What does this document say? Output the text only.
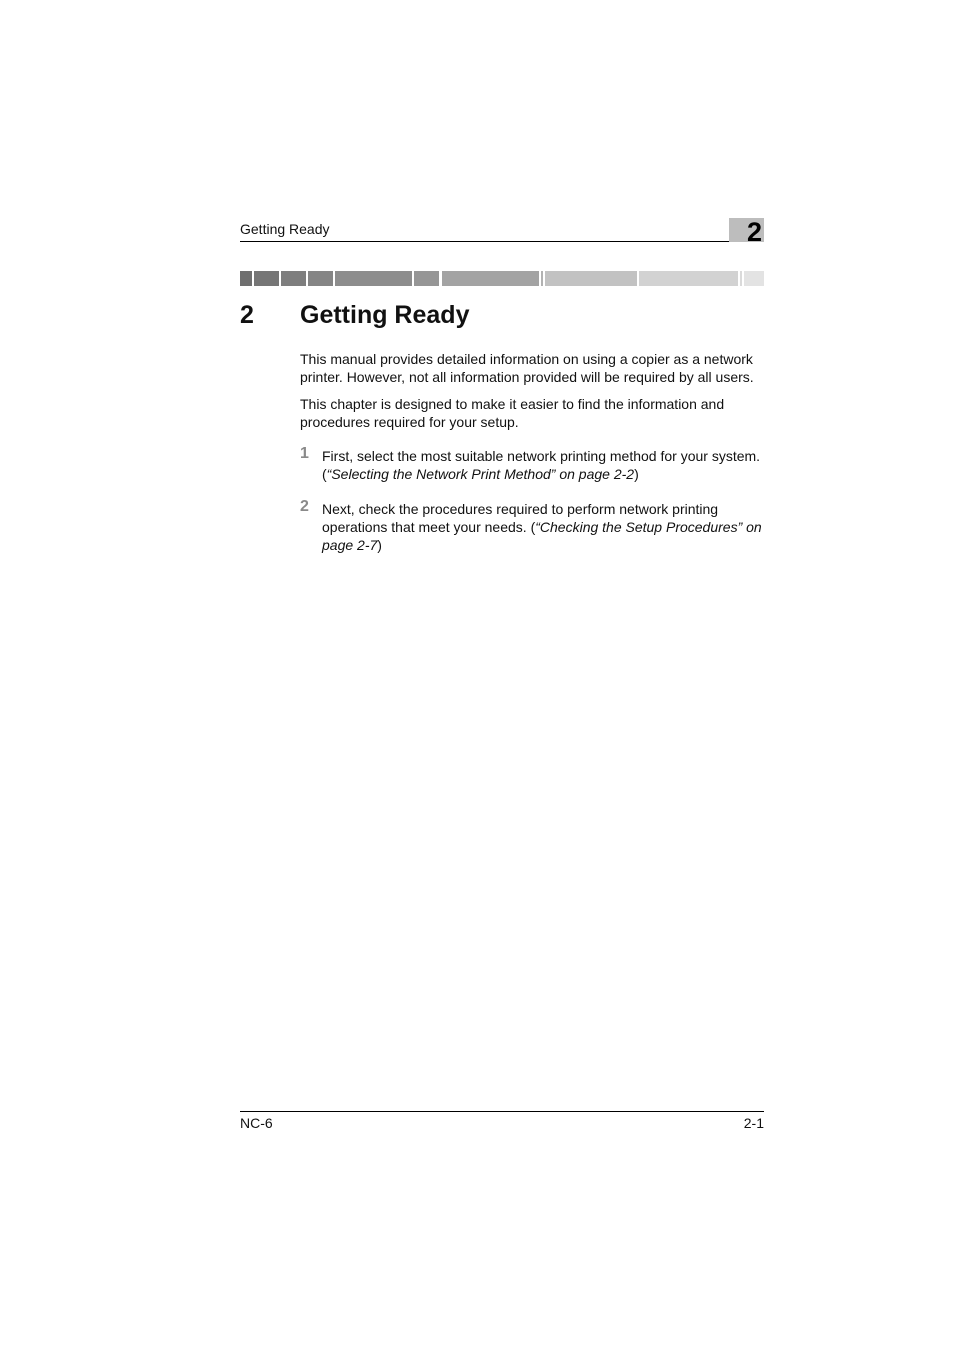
Getting Ready	2
2 Getting Ready

This manual provides detailed information on using a copier as a network printer. However, not all information provided will be required by all users.

This chapter is designed to make it easier to find the information and procedures required for your setup.

1 First, select the most suitable network printing method for your system. (“Selecting the Network Print Method” on page 2-2)
2 Next, check the procedures required to perform network printing operations that meet your needs. (“Checking the Setup Procedures” on page 2-7)
NC-6	2-1
